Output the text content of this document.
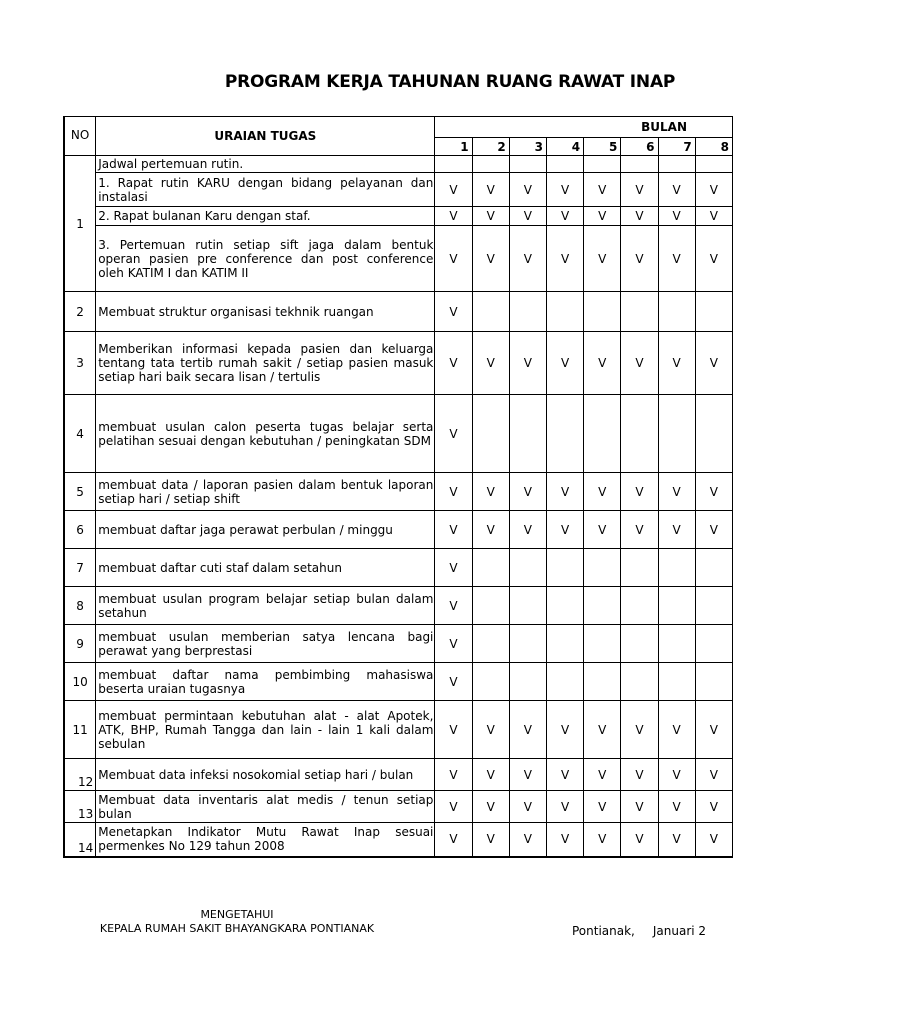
PROGRAM KERJA TAHUNAN RUANG RAWAT INAP
NO	URAIAN TUGAS	BULAN							
		1	2	3	4	5	6	7	8
1	Jadwal pertemuan rutin.								
	1. Rapat rutin KARU dengan bidang pelayanan dan instalasi	V	V	V	V	V	V	V	V
	2. Rapat bulanan Karu dengan staf.	V	V	V	V	V	V	V	V
	3. Pertemuan rutin setiap sift jaga dalam bentuk operan pasien pre conference dan post conference oleh KATIM I dan KATIM II	V	V	V	V	V	V	V	V
2	Membuat struktur organisasi tekhnik ruangan	V							
3	Memberikan informasi kepada pasien dan keluarga tentang tata tertib rumah sakit / setiap pasien masuk setiap hari baik secara lisan / tertulis	V	V	V	V	V	V	V	V
4	membuat usulan calon peserta tugas belajar serta pelatihan sesuai dengan kebutuhan / peningkatan SDM	V							
5	membuat data / laporan pasien dalam bentuk laporan setiap hari / setiap shift	V	V	V	V	V	V	V	V
6	membuat daftar jaga perawat perbulan / minggu	V	V	V	V	V	V	V	V
7	membuat daftar cuti staf dalam setahun	V							
8	membuat usulan program belajar setiap bulan dalam setahun	V							
9	membuat usulan memberian satya lencana bagi perawat yang berprestasi	V							
10	membuat daftar nama pembimbing mahasiswa beserta uraian tugasnya	V							
11	membuat permintaan kebutuhan alat - alat Apotek, ATK, BHP, Rumah Tangga dan lain - lain 1 kali dalam sebulan	V	V	V	V	V	V	V	V
12	Membuat data infeksi nosokomial setiap hari / bulan	V	V	V	V	V	V	V	V
13	Membuat data inventaris alat medis / tenun setiap bulan	V	V	V	V	V	V	V	V
14	Menetapkan Indikator Mutu Rawat Inap sesuai permenkes No 129 tahun 2008	V	V	V	V	V	V	V	V
MENGETAHUI
KEPALA RUMAH SAKIT BHAYANGKARA PONTIANAK	Pontianak, Januari 2
